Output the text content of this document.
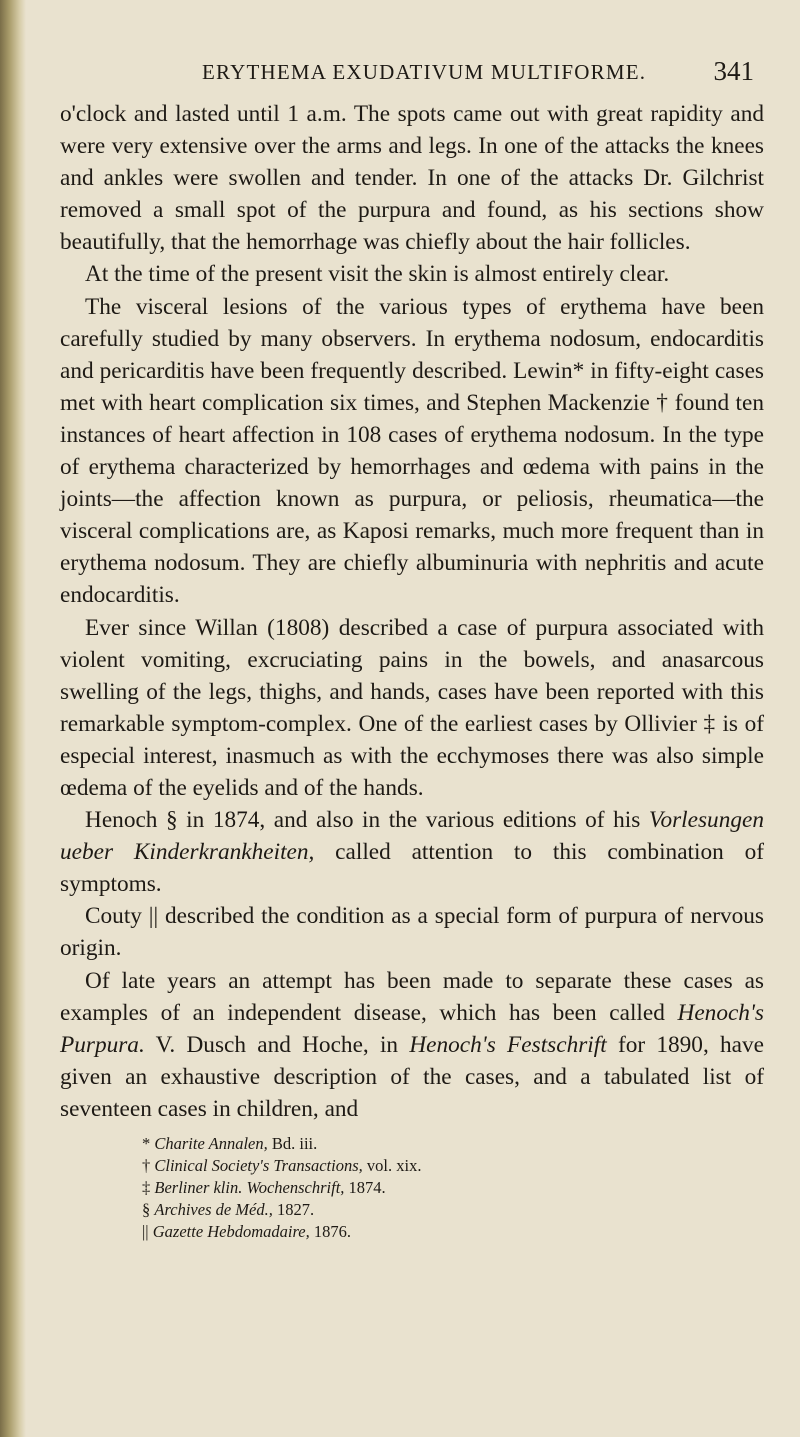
ERYTHEMA EXUDATIVUM MULTIFORME. 341

o'clock and lasted until 1 a.m. The spots came out with great rapidity and were very extensive over the arms and legs. In one of the attacks the knees and ankles were swollen and tender. In one of the attacks Dr. Gilchrist removed a small spot of the purpura and found, as his sections show beautifully, that the hemorrhage was chiefly about the hair follicles.

At the time of the present visit the skin is almost entirely clear.

The visceral lesions of the various types of erythema have been carefully studied by many observers. In erythema nodosum, endocarditis and pericarditis have been frequently described. Lewin* in fifty-eight cases met with heart complication six times, and Stephen Mackenzie † found ten instances of heart affection in 108 cases of erythema nodosum. In the type of erythema characterized by hemorrhages and œdema with pains in the joints—the affection known as purpura, or peliosis, rheumatica—the visceral complications are, as Kaposi remarks, much more frequent than in erythema nodosum. They are chiefly albuminuria with nephritis and acute endocarditis.

Ever since Willan (1808) described a case of purpura associated with violent vomiting, excruciating pains in the bowels, and anasarcous swelling of the legs, thighs, and hands, cases have been reported with this remarkable symptom-complex. One of the earliest cases by Ollivier ‡ is of especial interest, inasmuch as with the ecchymoses there was also simple œdema of the eyelids and of the hands.

Henoch § in 1874, and also in the various editions of his Vorlesungen ueber Kinderkrankheiten, called attention to this combination of symptoms.

Couty || described the condition as a special form of purpura of nervous origin.

Of late years an attempt has been made to separate these cases as examples of an independent disease, which has been called Henoch's Purpura. V. Dusch and Hoche, in Henoch's Festschrift for 1890, have given an exhaustive description of the cases, and a tabulated list of seventeen cases in children, and

* Charite Annalen, Bd. iii.
† Clinical Society's Transactions, vol. xix.
‡ Berliner klin. Wochenschrift, 1874.
§ Archives de Méd., 1827.
|| Gazette Hebdomadaire, 1876.
